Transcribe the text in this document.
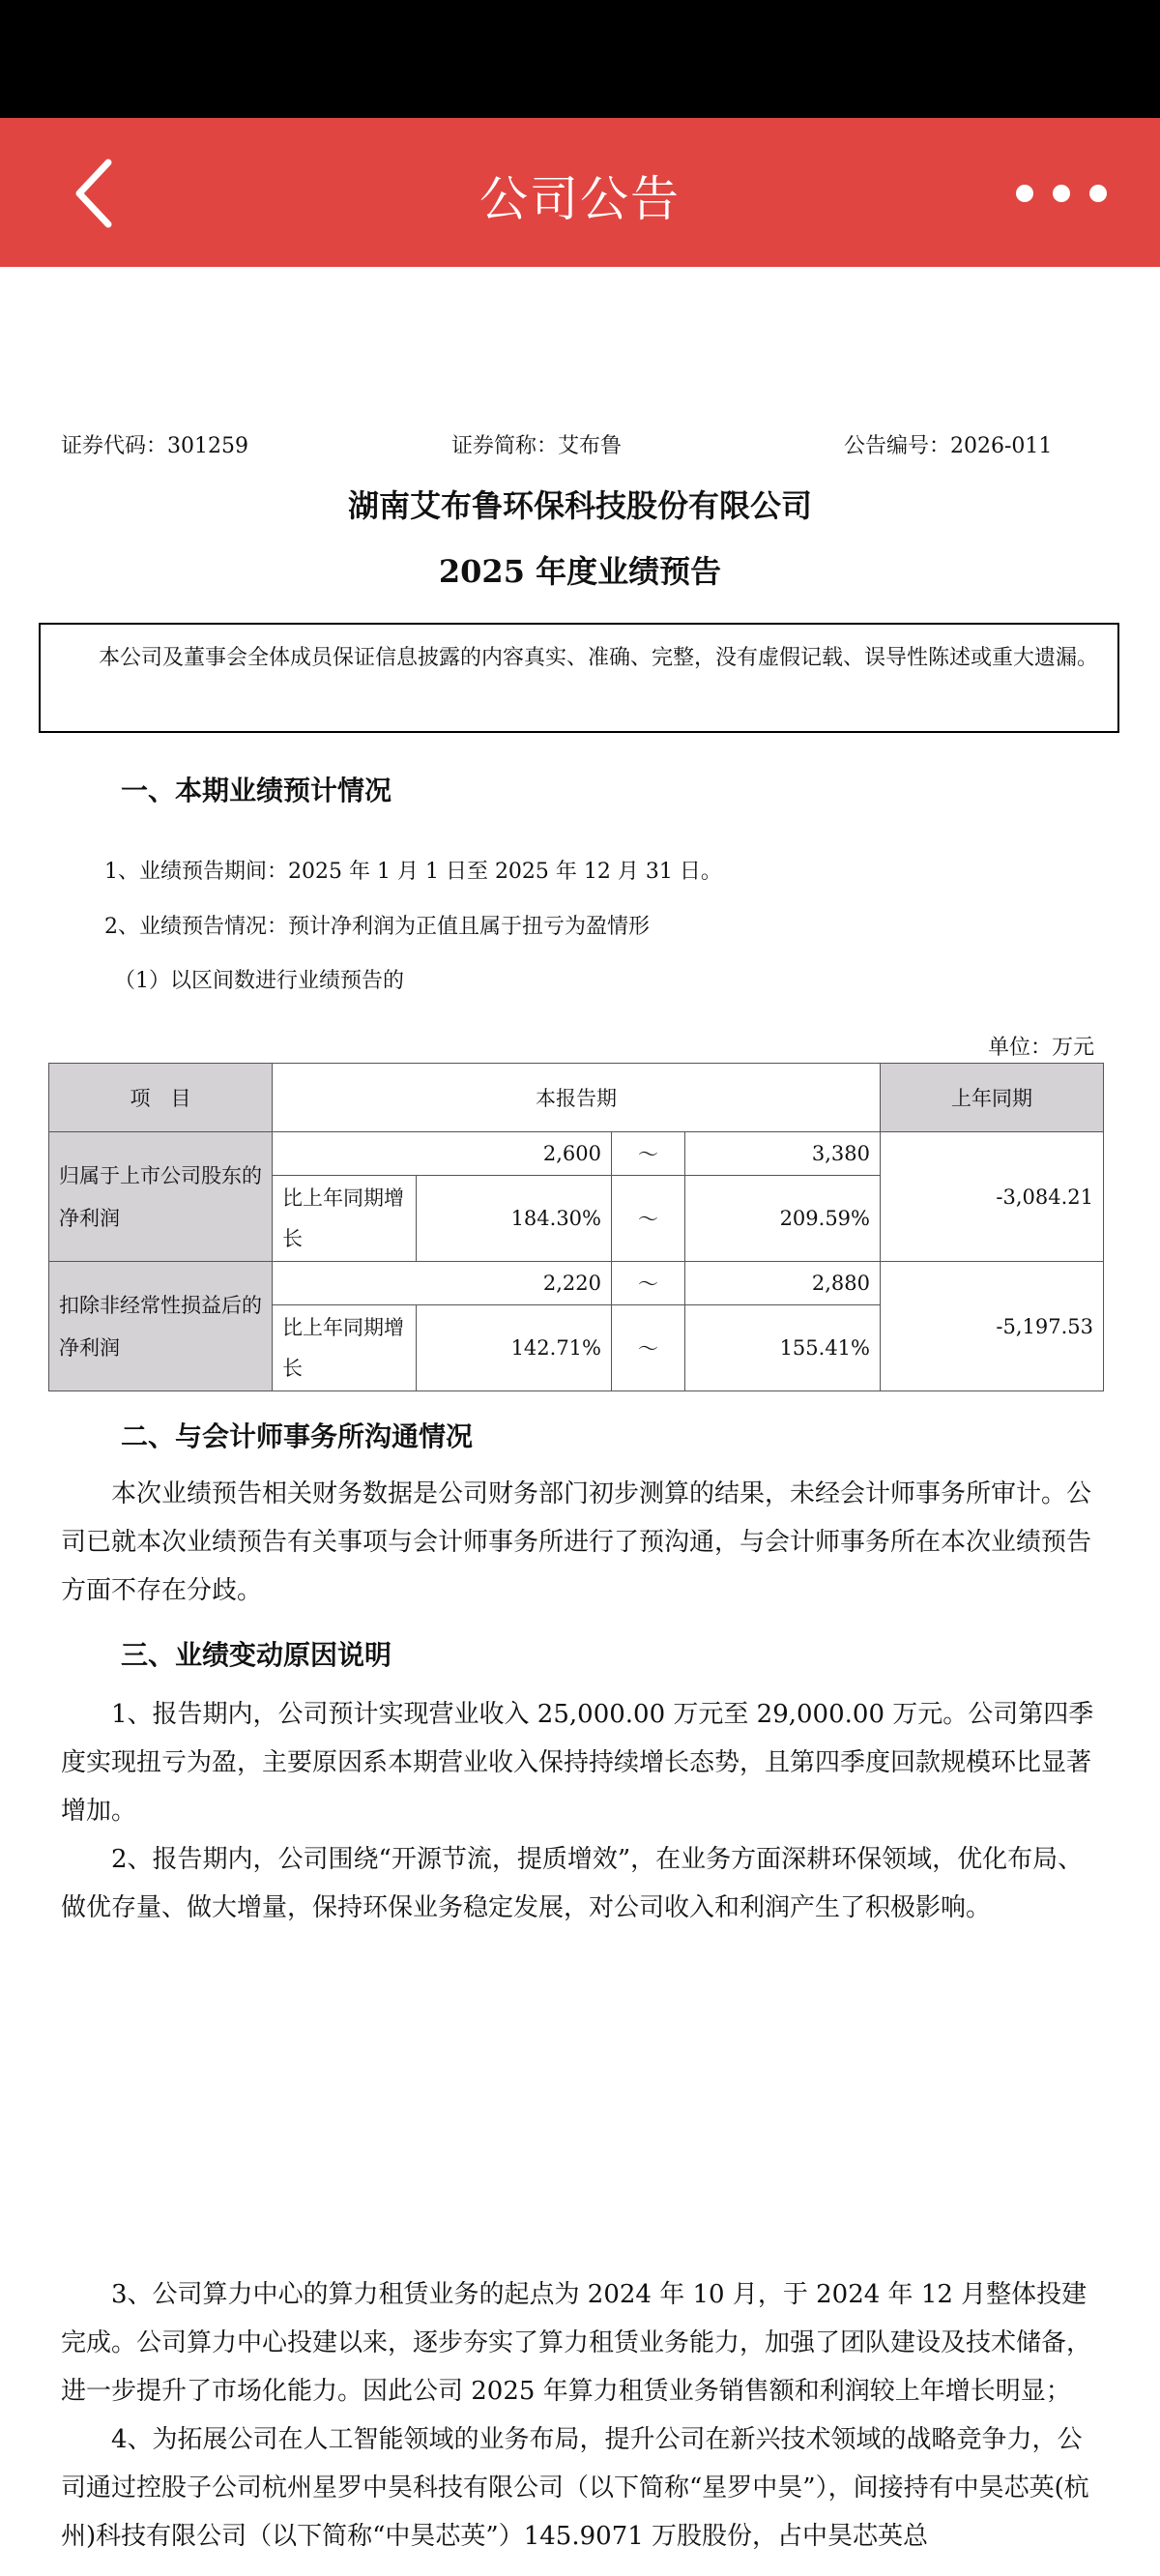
公司公告
证券代码：301259	证券简称：艾布鲁	公告编号：2026-011
湖南艾布鲁环保科技股份有限公司
2025 年度业绩预告

本公司及董事会全体成员保证信息披露的内容真实、准确、完整，没有虚假记载、误导性陈述或重大遗漏。

一、本期业绩预计情况
1、业绩预告期间：2025 年 1 月 1 日至 2025 年 12 月 31 日。
2、业绩预告情况：预计净利润为正值且属于扭亏为盈情形
（1）以区间数进行业绩预告的
单位：万元
项　目	本报告期				上年同期
归属于上市公司股东的净利润	2,600		～	3,380	-3,084.21
	比上年同期增长	184.30%	～	209.59%	
扣除非经常性损益后的净利润	2,220		～	2,880	-5,197.53
	比上年同期增长	142.71%	～	155.41%	
二、与会计师事务所沟通情况

本次业绩预告相关财务数据是公司财务部门初步测算的结果，未经会计师事务所审计。公司已就本次业绩预告有关事项与会计师事务所进行了预沟通，与会计师事务所在本次业绩预告方面不存在分歧。

三、业绩变动原因说明

1、报告期内，公司预计实现营业收入 25,000.00 万元至 29,000.00 万元。公司第四季度实现扭亏为盈，主要原因系本期营业收入保持持续增长态势，且第四季度回款规模环比显著增加。

2、报告期内，公司围绕“开源节流，提质增效”，在业务方面深耕环保领域，优化布局、做优存量、做大增量，保持环保业务稳定发展，对公司收入和利润产生了积极影响。

3、公司算力中心的算力租赁业务的起点为 2024 年 10 月，于 2024 年 12 月整体投建完成。公司算力中心投建以来，逐步夯实了算力租赁业务能力，加强了团队建设及技术储备，进一步提升了市场化能力。因此公司 2025 年算力租赁业务销售额和利润较上年增长明显；

4、为拓展公司在人工智能领域的业务布局，提升公司在新兴技术领域的战略竞争力，公司通过控股子公司杭州星罗中昊科技有限公司（以下简称“星罗中昊”），间接持有中昊芯英(杭州)科技有限公司（以下简称“中昊芯英”）145.9071 万股股份，占中昊芯英总
